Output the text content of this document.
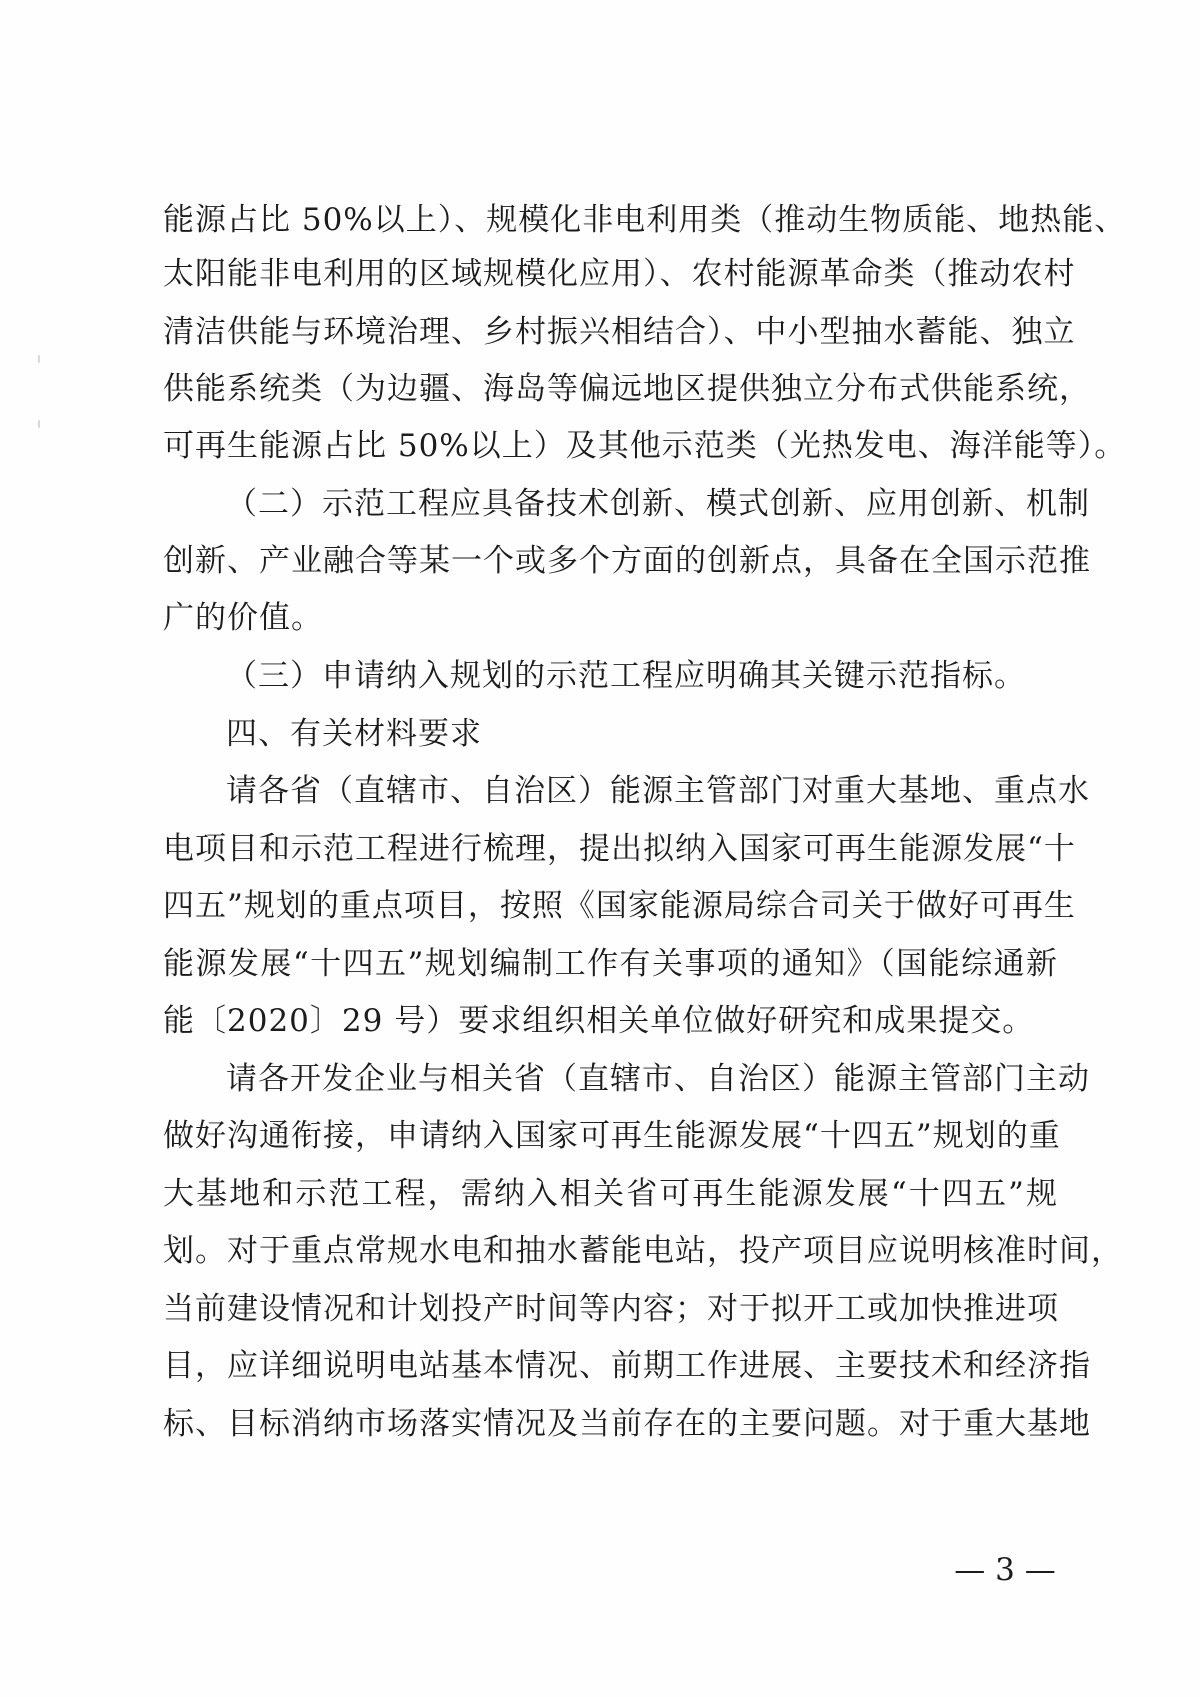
能源占比 50%以上）、规模化非电利用类（推动生物质能、地热能、
太阳能非电利用的区域规模化应用）、农村能源革命类（推动农村
清洁供能与环境治理、乡村振兴相结合）、中小型抽水蓄能、独立
供能系统类（为边疆、海岛等偏远地区提供独立分布式供能系统，
可再生能源占比 50%以上）及其他示范类（光热发电、海洋能等）。
（二）示范工程应具备技术创新、模式创新、应用创新、机制
创新、产业融合等某一个或多个方面的创新点，具备在全国示范推
广的价值。
（三）申请纳入规划的示范工程应明确其关键示范指标。
四、有关材料要求
请各省（直辖市、自治区）能源主管部门对重大基地、重点水
电项目和示范工程进行梳理，提出拟纳入国家可再生能源发展“十
四五”规划的重点项目，按照《国家能源局综合司关于做好可再生
能源发展“十四五”规划编制工作有关事项的通知》（国能综通新
能〔2020〕29 号）要求组织相关单位做好研究和成果提交。
请各开发企业与相关省（直辖市、自治区）能源主管部门主动
做好沟通衔接，申请纳入国家可再生能源发展“十四五”规划的重
大基地和示范工程，需纳入相关省可再生能源发展“十四五”规
划。对于重点常规水电和抽水蓄能电站，投产项目应说明核准时间，
当前建设情况和计划投产时间等内容；对于拟开工或加快推进项
目，应详细说明电站基本情况、前期工作进展、主要技术和经济指
标、目标消纳市场落实情况及当前存在的主要问题。对于重大基地
— 3 —
